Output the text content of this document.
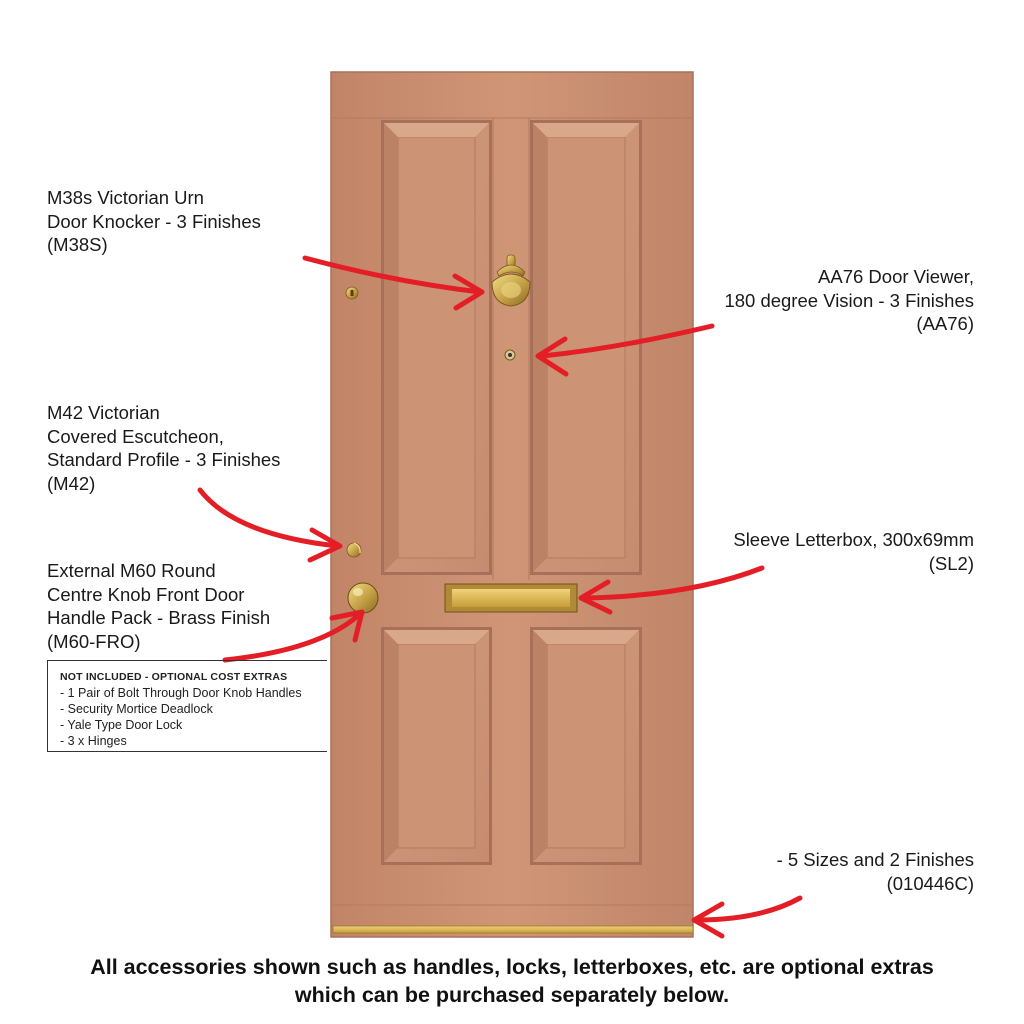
M38s Victorian Urn
Door Knocker - 3 Finishes
(M38S)
AA76 Door Viewer,
180 degree Vision - 3 Finishes
(AA76)
M42 Victorian
Covered Escutcheon,
Standard Profile - 3 Finishes
(M42)
Sleeve Letterbox, 300x69mm
(SL2)
External M60 Round
Centre Knob Front Door
Handle Pack - Brass Finish
(M60-FRO)
- 5 Sizes and 2 Finishes
(010446C)
NOT INCLUDED - OPTIONAL COST EXTRAS
- 1 Pair of Bolt Through Door Knob Handles
- Security Mortice Deadlock
- Yale Type Door Lock
- 3 x Hinges
All accessories shown such as handles, locks, letterboxes, etc. are optional extras
which can be purchased separately below.
